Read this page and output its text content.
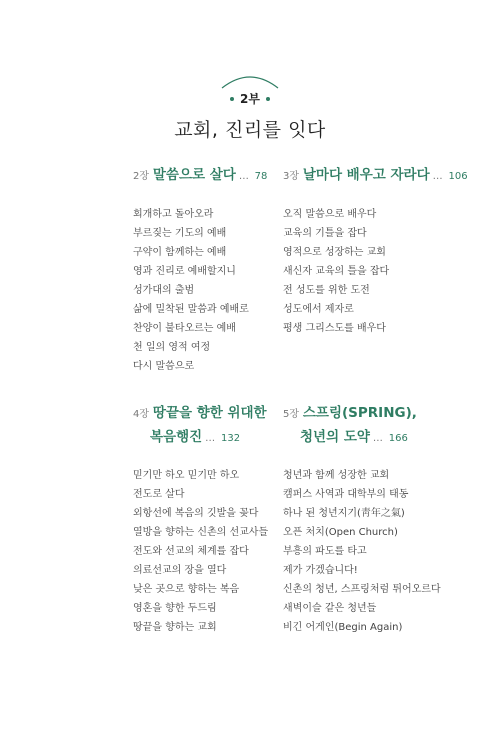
2부
교회, 진리를 잇다
2장 말씀으로 살다 … 78
회개하고 돌아오라
부르짖는 기도의 예배
구약이 함께하는 예배
영과 진리로 예배할지니
성가대의 출범
삶에 밀착된 말씀과 예배로
찬양이 불타오르는 예배
천 일의 영적 여정
다시 말씀으로
3장 날마다 배우고 자라다 … 106
오직 말씀으로 배우다
교육의 기틀을 잡다
영적으로 성장하는 교회
새신자 교육의 틀을 잡다
전 성도를 위한 도전
성도에서 제자로
평생 그리스도를 배우다
4장 땅끝을 향한 위대한
복음행진 … 132
믿기만 하오 믿기만 하오
전도로 살다
외항선에 복음의 깃발을 꽂다
열방을 향하는 신촌의 선교사들
전도와 선교의 체계를 잡다
의료선교의 장을 열다
낮은 곳으로 향하는 복음
영혼을 향한 두드림
땅끝을 향하는 교회
5장 스프링(SPRING),
청년의 도약 … 166
청년과 함께 성장한 교회
캠퍼스 사역과 대학부의 태동
하나 된 청년지기(靑年之氣)
오픈 처치(Open Church)
부흥의 파도를 타고
제가 가겠습니다!
신촌의 청년, 스프링처럼 튀어오르다
새벽이슬 같은 청년들
비긴 어게인(Begin Again)
